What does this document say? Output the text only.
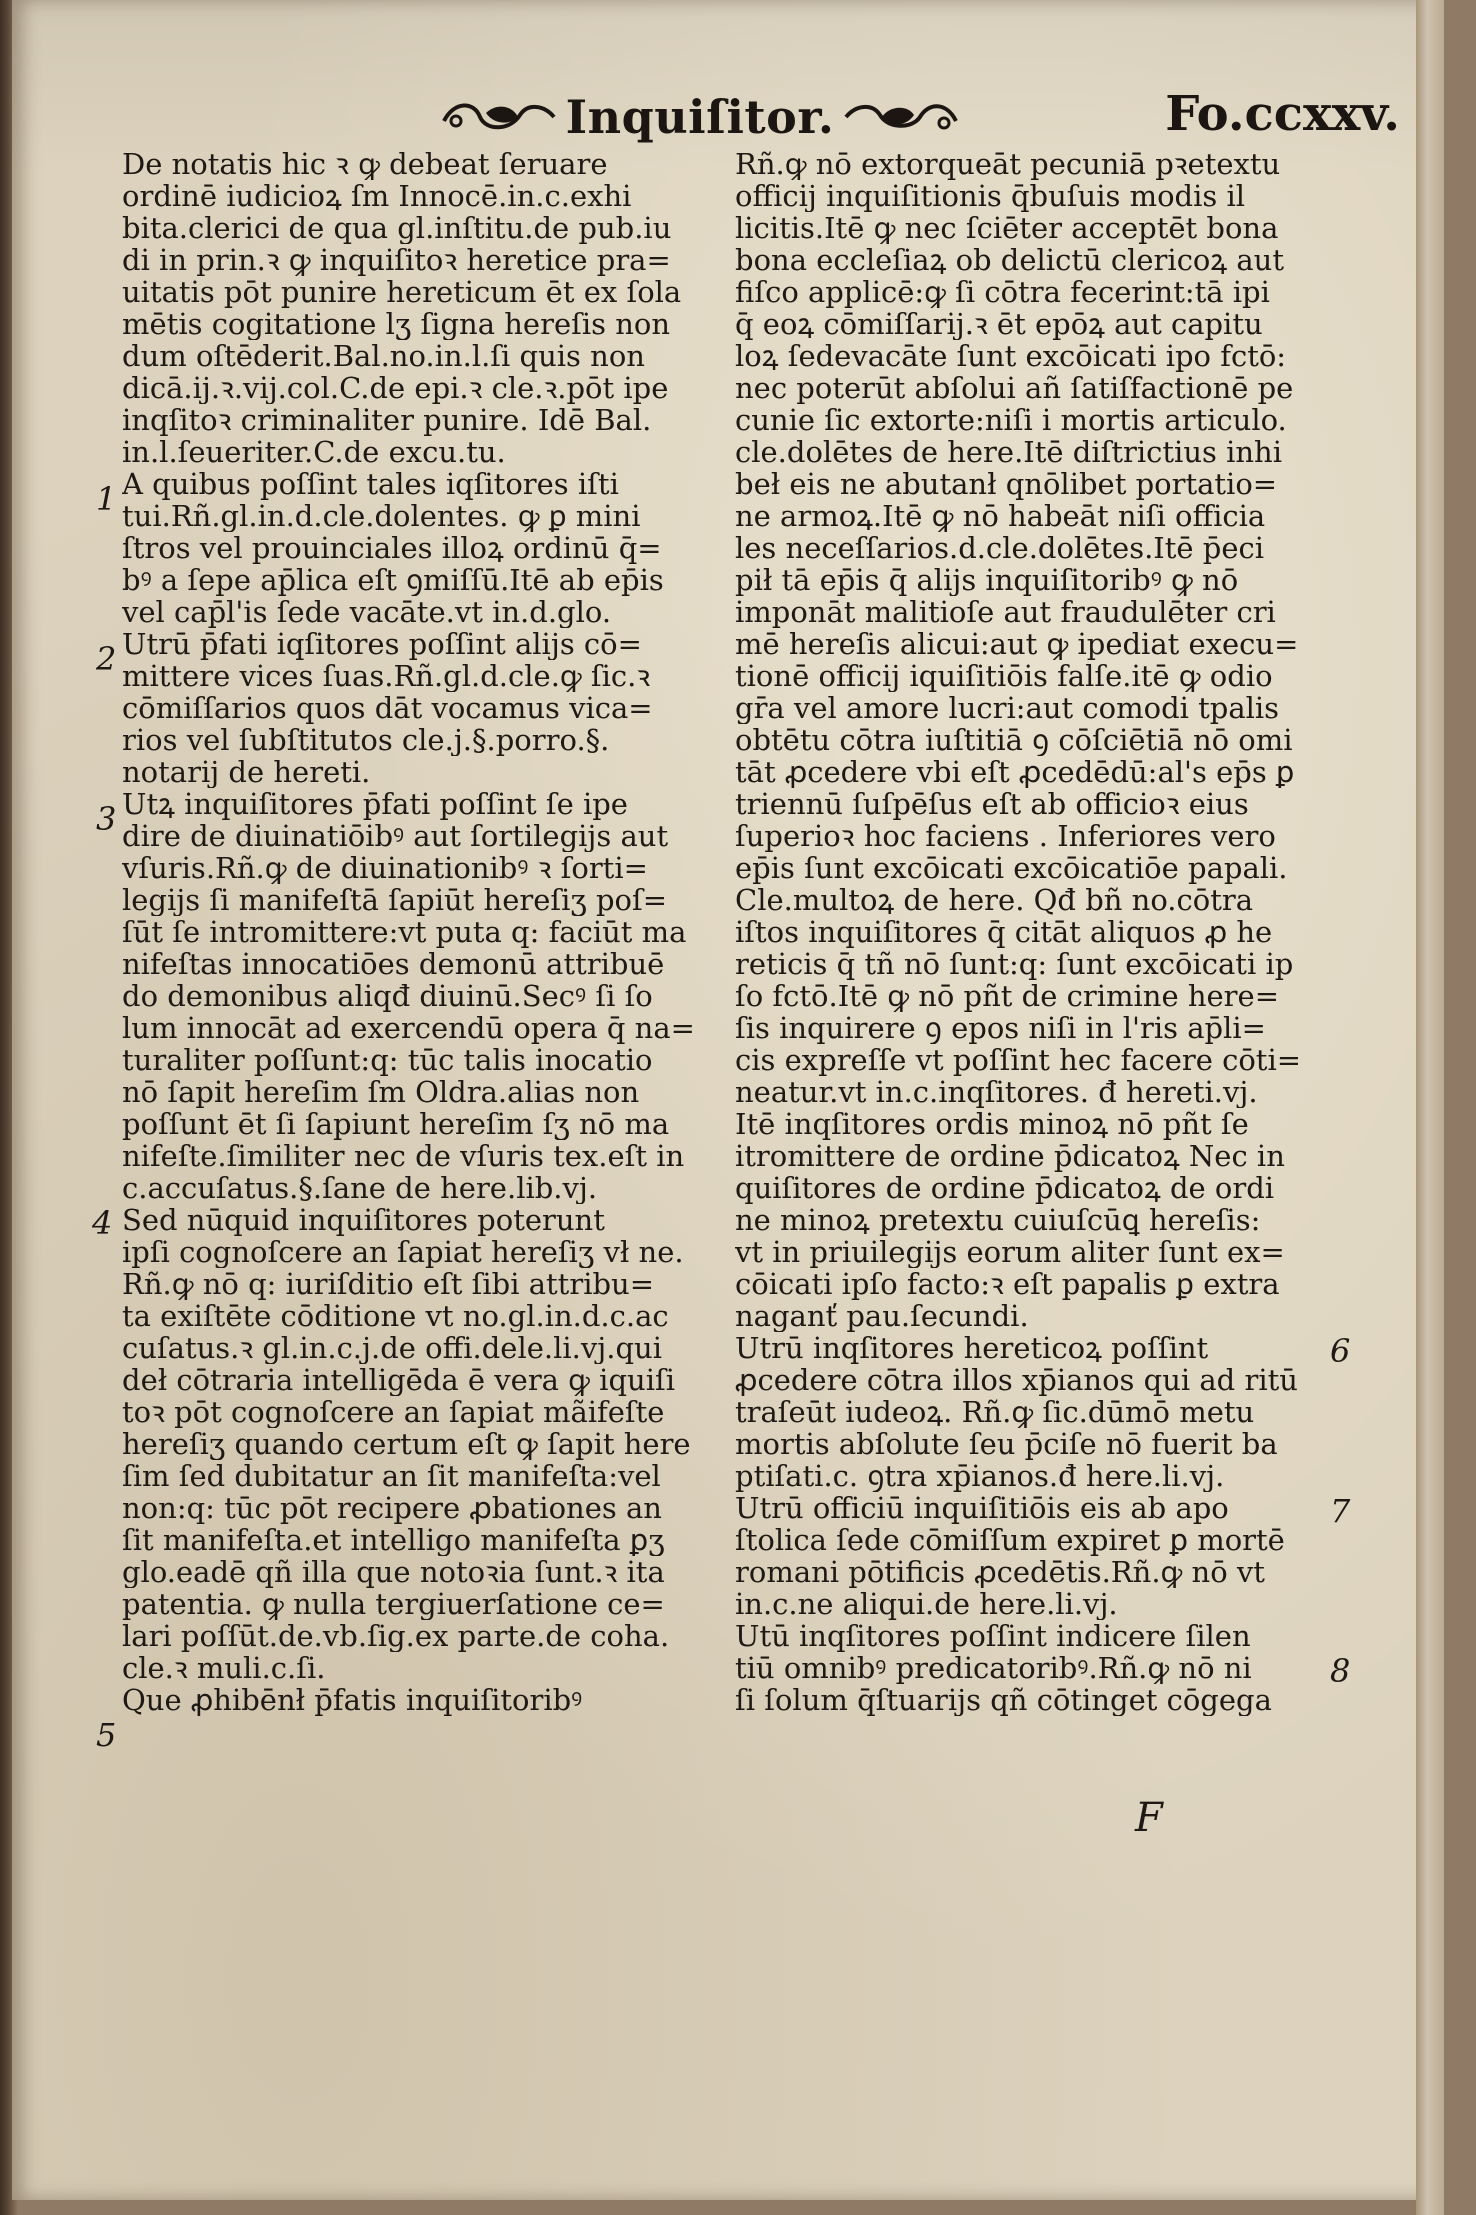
Inquiſitor.	Fo.ccxxv.
De notatis hic ꝛ ꝙ debeat ſeruare
ordinē iudicioꝝ ſm Innocē.in.c.exhi
bita.clerici de qua gl.inſtitu.de pub.iu
di in prin.ꝛ ꝙ inquiſitoꝛ heretice pra=
uitatis pōt punire hereticum ēt ex ſola
mētis cogitatione lʒ ſigna hereſis non
dum oſtēderit.Bal.no.in.l.ſi quis non
dicā.ij.ꝛ.vij.col.C.de epi.ꝛ cle.ꝛ.pōt ipe
inqſitoꝛ criminaliter punire. Idē Bal.
in.l.ſeueriter.C.de excu.tu.
A quibus poſſint tales iqſitores iſti
tui.Rñ.gl.in.d.cle.dolentes. ꝙ ꝑ mini
ſtros vel prouinciales illoꝝ ordinū q̄=
bꝰ a ſepe ap̄lica eſt ꝯmiſſū.Itē ab ep̄is
vel cap̄l'is ſede vacāte.vt in.d.glo.
Utrū p̄fati iqſitores poſſint alijs cō=
mittere vices ſuas.Rñ.gl.d.cle.ꝙ ſic.ꝛ
cōmiſſarios quos dāt vocamus vica=
rios vel ſubſtitutos cle.j.§.porro.§.
notarij de hereti.
Utꝝ inquiſitores p̄fati poſſint ſe ipe
dire de diuinatiōibꝰ aut ſortilegijs aut
vſuris.Rñ.ꝙ de diuinationibꝰ ꝛ ſorti=
legijs ſi manifeſtā ſapiūt hereſiʒ poſ=
ſūt ſe intromittere:vt puta q: faciūt ma
nifeſtas innocatiōes demonū attribuē
do demonibus aliqđ diuinū.Secꝰ ſi ſo
lum innocāt ad exercendū opera q̄ na=
turaliter poſſunt:q: tūc talis inocatio
nō ſapit hereſim ſm Oldra.alias non
poſſunt ēt ſi ſapiunt hereſim ſʒ nō ma
nifeſte.ſimiliter nec de vſuris tex.eſt in
c.accuſatus.§.ſane de here.lib.vj.
Sed nūquid inquiſitores poterunt
ipſi cognoſcere an ſapiat hereſiʒ vł ne.
Rñ.ꝙ nō q: iuriſditio eſt ſibi attribu=
ta exiſtēte cōditione vt no.gl.in.d.c.ac
cuſatus.ꝛ gl.in.c.j.de offi.dele.li.vj.qui
deł cōtraria intelligēda ē vera ꝙ iquiſi
toꝛ pōt cognoſcere an ſapiat mãifeſte
hereſiʒ quando certum eſt ꝙ ſapit here
ſim ſed dubitatur an ſit manifeſta:vel
non:q: tūc pōt recipere ꝓbationes an
ſit manifeſta.et intelligo manifeſta ꝑʒ
glo.eadē qñ illa que notoꝛia ſunt.ꝛ ita
patentia. ꝙ nulla tergiuerſatione ce=
lari poſſūt.de.vb.ſig.ex parte.de coha.
cle.ꝛ muli.c.ſi.
Que ꝓhibēnł p̄fatis inquiſitoribꝰ
Rñ.ꝙ nō extorqueāt pecuniā pꝛetextu
officij inquiſitionis q̄buſuis modis il
licitis.Itē ꝙ nec ſciēter acceptēt bona
bona eccleſiaꝝ ob delictū clericoꝝ aut
fiſco applicē:ꝙ ſi cōtra fecerint:tā ipi
q̄ eoꝝ cōmiſſarij.ꝛ ēt epōꝝ aut capitu
loꝝ ſedevacāte ſunt excōicati ipo fctō:
nec poterūt abſolui añ ſatiſfactionē pe
cunie ſic extorte:niſi i mortis articulo.
cle.dolētes de here.Itē diſtrictius inhi
beł eis ne abutanł qnōlibet portatio=
ne armoꝝ.Itē ꝙ nō habeāt niſi officia
les neceſſarios.d.cle.dolētes.Itē p̄eci
pił tā ep̄is q̄ alijs inquiſitoribꝰ ꝙ nō
imponāt malitioſe aut fraudulēter cri
mē hereſis alicui:aut ꝙ ipediat execu=
tionē officij iquiſitiōis falſe.itē ꝙ odio
gr̄a vel amore lucri:aut comodi tpalis
obtētu cōtra iuſtitiā ꝯ cōſciētiā nō omi
tāt ꝓcedere vbi eſt ꝓcedēdū:al's ep̄s ꝑ
triennū ſuſpēſus eſt ab officioꝛ eius
ſuperioꝛ hoc faciens . Inferiores vero
ep̄is ſunt excōicati excōicatiōe papali.
Cle.multoꝝ de here. Qđ bñ no.cōtra
iſtos inquiſitores q̄ citāt aliquos ꝓ he
reticis q̄ tñ nō ſunt:q: ſunt excōicati ip
ſo fctō.Itē ꝙ nō pñt de crimine here=
ſis inquirere ꝯ epos niſi in l'ris ap̄li=
cis expreſſe vt poſſint hec facere cōti=
neatur.vt in.c.inqſitores. đ hereti.vj.
Itē inqſitores ordis minoꝝ nō pñt ſe
itromittere de ordine p̄dicatoꝝ Nec in
quiſitores de ordine p̄dicatoꝝ de ordi
ne minoꝝ pretextu cuiuſcūꝗ hereſis:
vt in priuilegijs eorum aliter ſunt ex=
cōicati ipſo facto:ꝛ eſt papalis ꝑ extra
naganť pau.ſecundi.
Utrū inqſitores hereticoꝝ poſſint
ꝓcedere cōtra illos xp̄ianos qui ad ritū
traſeūt iudeoꝝ. Rñ.ꝙ ſic.dūmō metu
mortis abſolute ſeu p̄ciſe nō fuerit ba
ptiſati.c. ꝯtra xp̄ianos.đ here.li.vj.
Utrū officiū inquiſitiōis eis ab apo
ſtolica ſede cōmiſſum expiret ꝑ mortē
romani pōtificis ꝓcedētis.Rñ.ꝙ nō vt
in.c.ne aliqui.de here.li.vj.
Utū inqſitores poſſint indicere ſilen
tiū omnibꝰ predicatoribꝰ.Rñ.ꝙ nō ni
ſi ſolum q̄ſtuarijs qñ cōtinget cōgega
1
2
3
4
5
6
7
8
F
